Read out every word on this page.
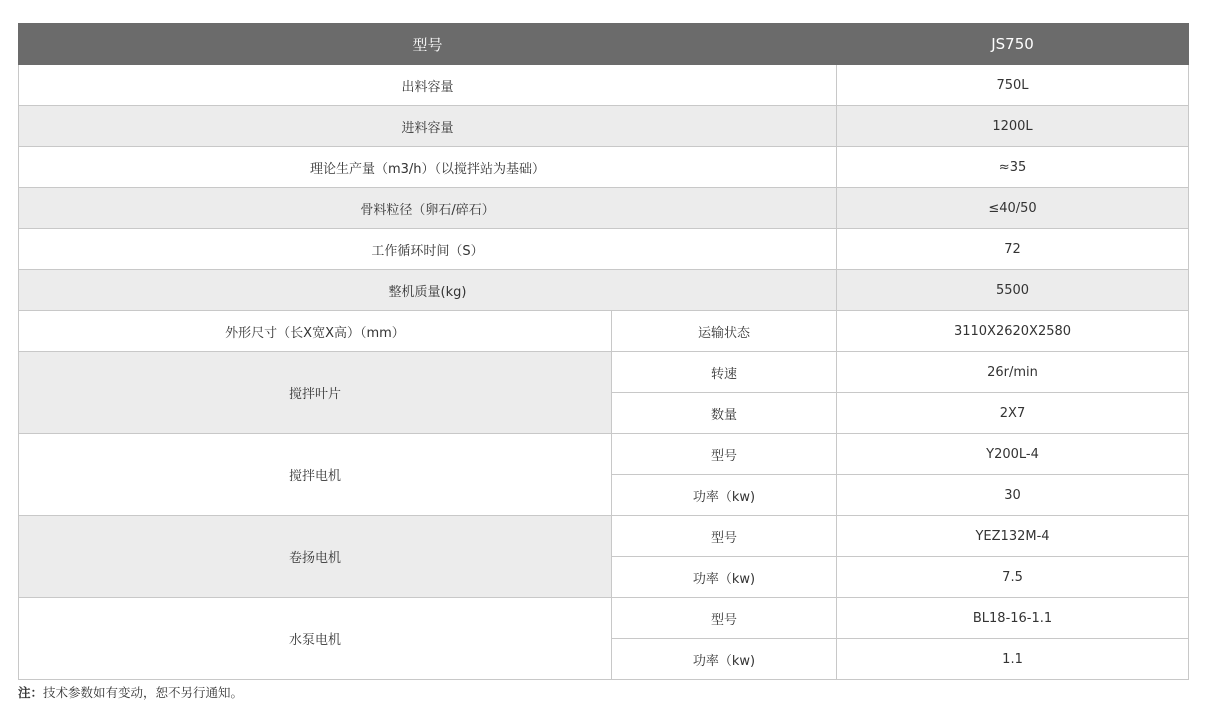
型号		JS750
出料容量		750L
进料容量		1200L
理论生产量（m3/h）（以搅拌站为基础）		≈35
骨料粒径（卵石/碎石）		≤40/50
工作循环时间（S）		72
整机质量(kg)		5500
外形尺寸（长X宽X高）（mm）	运输状态	3110X2620X2580
搅拌叶片	转速	26r/min
	数量	2X7
搅拌电机	型号	Y200L-4
	功率（kw)	30
卷扬电机	型号	YEZ132M-4
	功率（kw)	7.5
水泵电机	型号	BL18-16-1.1
	功率（kw)	1.1
注：技术参数如有变动，恕不另行通知。
